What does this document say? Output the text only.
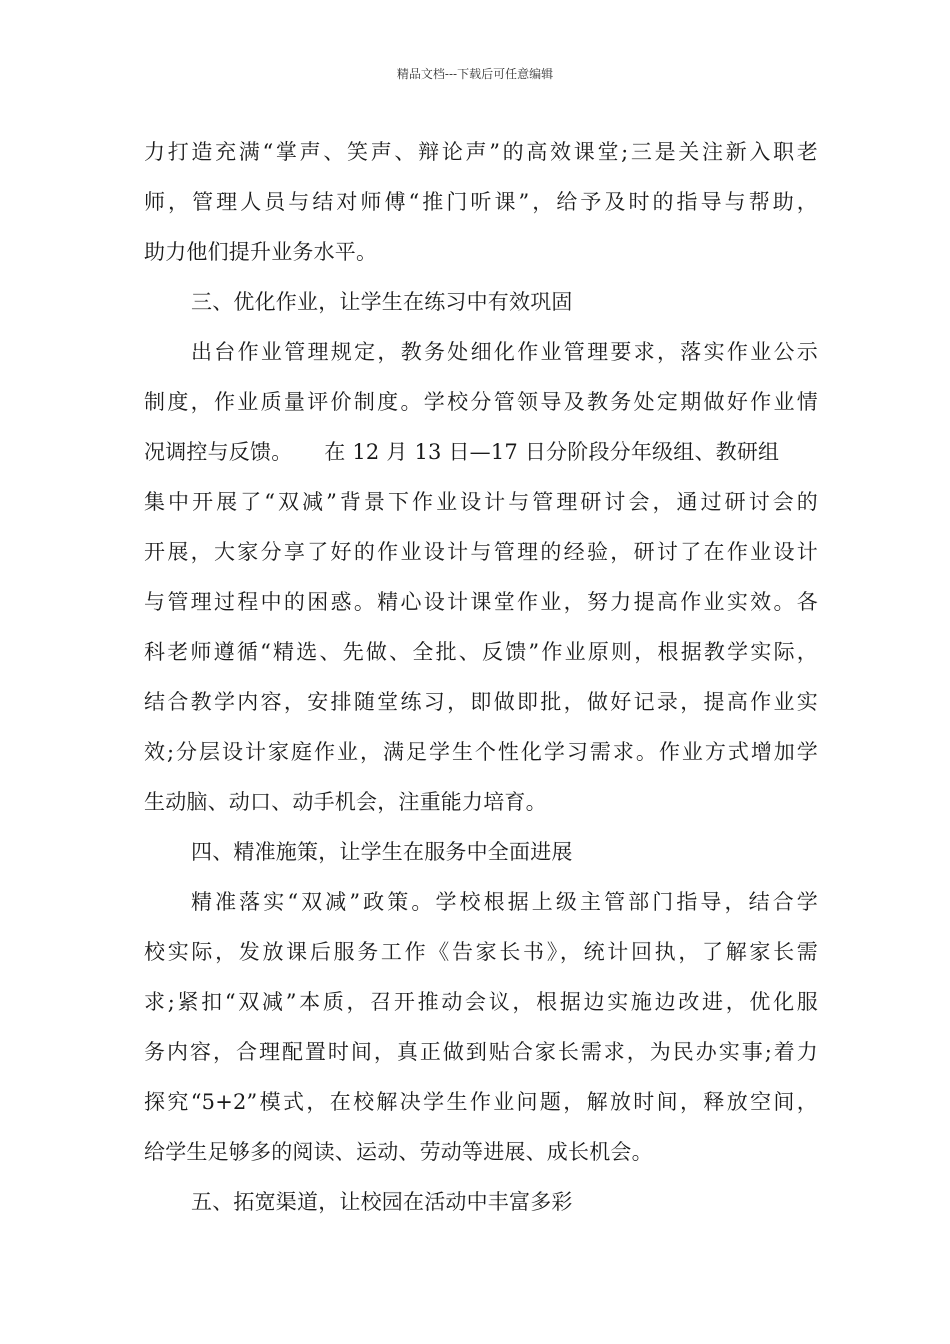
精品文档---下载后可任意编辑
力打造充满“掌声、笑声、辩论声”的高效课堂;三是关注新入职老
师，管理人员与结对师傅“推门听课”，给予及时的指导与帮助，
助力他们提升业务水平。
三、优化作业，让学生在练习中有效巩固
出台作业管理规定，教务处细化作业管理要求，落实作业公示
制度，作业质量评价制度。学校分管领导及教务处定期做好作业情
况调控与反馈。　　在 12 月 13 日—17 日分阶段分年级组、教研组
集中开展了“双减”背景下作业设计与管理研讨会，通过研讨会的
开展，大家分享了好的作业设计与管理的经验，研讨了在作业设计
与管理过程中的困惑。精心设计课堂作业，努力提高作业实效。各
科老师遵循“精选、先做、全批、反馈”作业原则，根据教学实际，
结合教学内容，安排随堂练习，即做即批，做好记录，提高作业实
效;分层设计家庭作业，满足学生个性化学习需求。作业方式增加学
生动脑、动口、动手机会，注重能力培育。
四、精准施策，让学生在服务中全面进展
精准落实“双减”政策。学校根据上级主管部门指导，结合学
校实际，发放课后服务工作《告家长书》，统计回执，了解家长需
求;紧扣“双减”本质，召开推动会议，根据边实施边改进，优化服
务内容，合理配置时间，真正做到贴合家长需求，为民办实事;着力
探究“5+2”模式，在校解决学生作业问题，解放时间，释放空间，
给学生足够多的阅读、运动、劳动等进展、成长机会。
五、拓宽渠道，让校园在活动中丰富多彩
